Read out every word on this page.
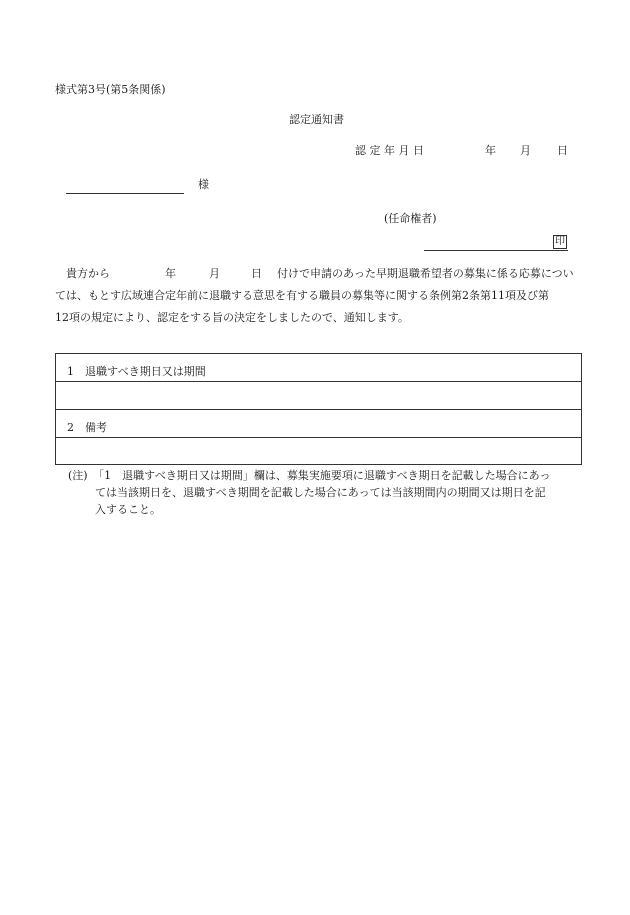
様式第3号(第5条関係)
認定通知書
認 定 年 月 日	年 月 日
様
(任命権者)
印
貴方から	年	月	日 付けで申請のあった早期退職希望者の募集に係る応募につい
ては、もとす広域連合定年前に退職する意思を有する職員の募集等に関する条例第2条第11項及び第
12項の規定により、認定をする旨の決定をしましたので、通知します。
1　退職すべき期日又は期間
2　備考
(注)　「1　退職すべき期日又は期間」欄は、募集実施要項に退職すべき期日を記載した場合にあっ
ては当該期日を、退職すべき期間を記載した場合にあっては当該期間内の期間又は期日を記
入すること。
